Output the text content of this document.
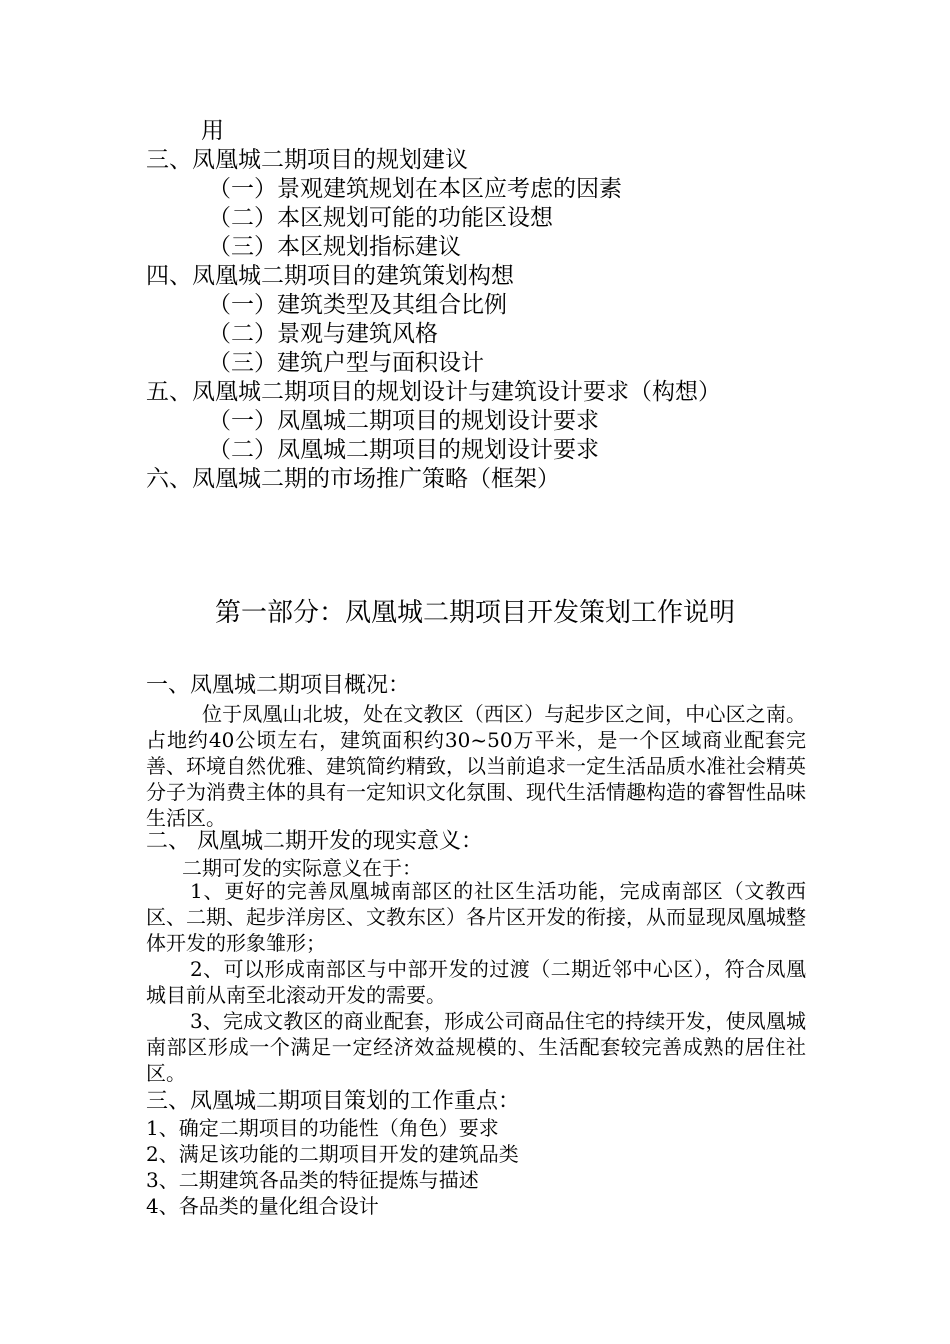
用
三、凤凰城二期项目的规划建议
（一）景观建筑规划在本区应考虑的因素
（二）本区规划可能的功能区设想
（三）本区规划指标建议
四、凤凰城二期项目的建筑策划构想
（一）建筑类型及其组合比例
（二）景观与建筑风格
（三）建筑户型与面积设计
五、凤凰城二期项目的规划设计与建筑设计要求（构想）
（一）凤凰城二期项目的规划设计要求
（二）凤凰城二期项目的规划设计要求
六、凤凰城二期的市场推广策略（框架）
第一部分：凤凰城二期项目开发策划工作说明
一、凤凰城二期项目概况：
位于凤凰山北坡，处在文教区（西区）与起步区之间，中心区之南。占地约40公顷左右，建筑面积约30~50万平米，是一个区域商业配套完善、环境自然优雅、建筑简约精致，以当前追求一定生活品质水准社会精英分子为消费主体的具有一定知识文化氛围、现代生活情趣构造的睿智性品味生活区。
二、 凤凰城二期开发的现实意义：
二期可发的实际意义在于：
1、更好的完善凤凰城南部区的社区生活功能，完成南部区（文教西区、二期、起步洋房区、文教东区）各片区开发的衔接，从而显现凤凰城整体开发的形象雏形；
2、可以形成南部区与中部开发的过渡（二期近邻中心区），符合凤凰城目前从南至北滚动开发的需要。
3、完成文教区的商业配套，形成公司商品住宅的持续开发，使凤凰城南部区形成一个满足一定经济效益规模的、生活配套较完善成熟的居住社区。
三、凤凰城二期项目策划的工作重点：
1、确定二期项目的功能性（角色）要求
2、满足该功能的二期项目开发的建筑品类
3、二期建筑各品类的特征提炼与描述
4、各品类的量化组合设计
